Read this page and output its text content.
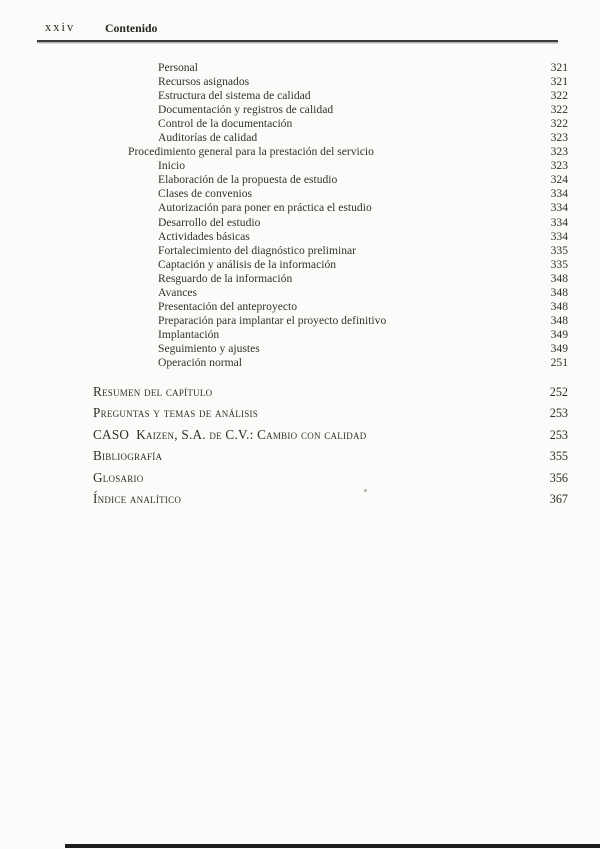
xxiv	Contenido
Personal	321
Recursos asignados	321
Estructura del sistema de calidad	322
Documentación y registros de calidad	322
Control de la documentación	322
Auditorías de calidad	323
Procedimiento general para la prestación del servicio	323
Inicio	323
Elaboración de la propuesta de estudio	324
Clases de convenios	334
Autorización para poner en práctica el estudio	334
Desarrollo del estudio	334
Actividades básicas	334
Fortalecimiento del diagnóstico preliminar	335
Captación y análisis de la información	335
Resguardo de la información	348
Avances	348
Presentación del anteproyecto	348
Preparación para implantar el proyecto definitivo	348
Implantación	349
Seguimiento y ajustes	349
Operación normal	251
Resumen del capítulo	252
Preguntas y temas de análisis	253
CASO  Kaizen, S.A. de C.V.: Cambio con calidad	253
Bibliografía	355
Glosario	356
Índice analítico	367
